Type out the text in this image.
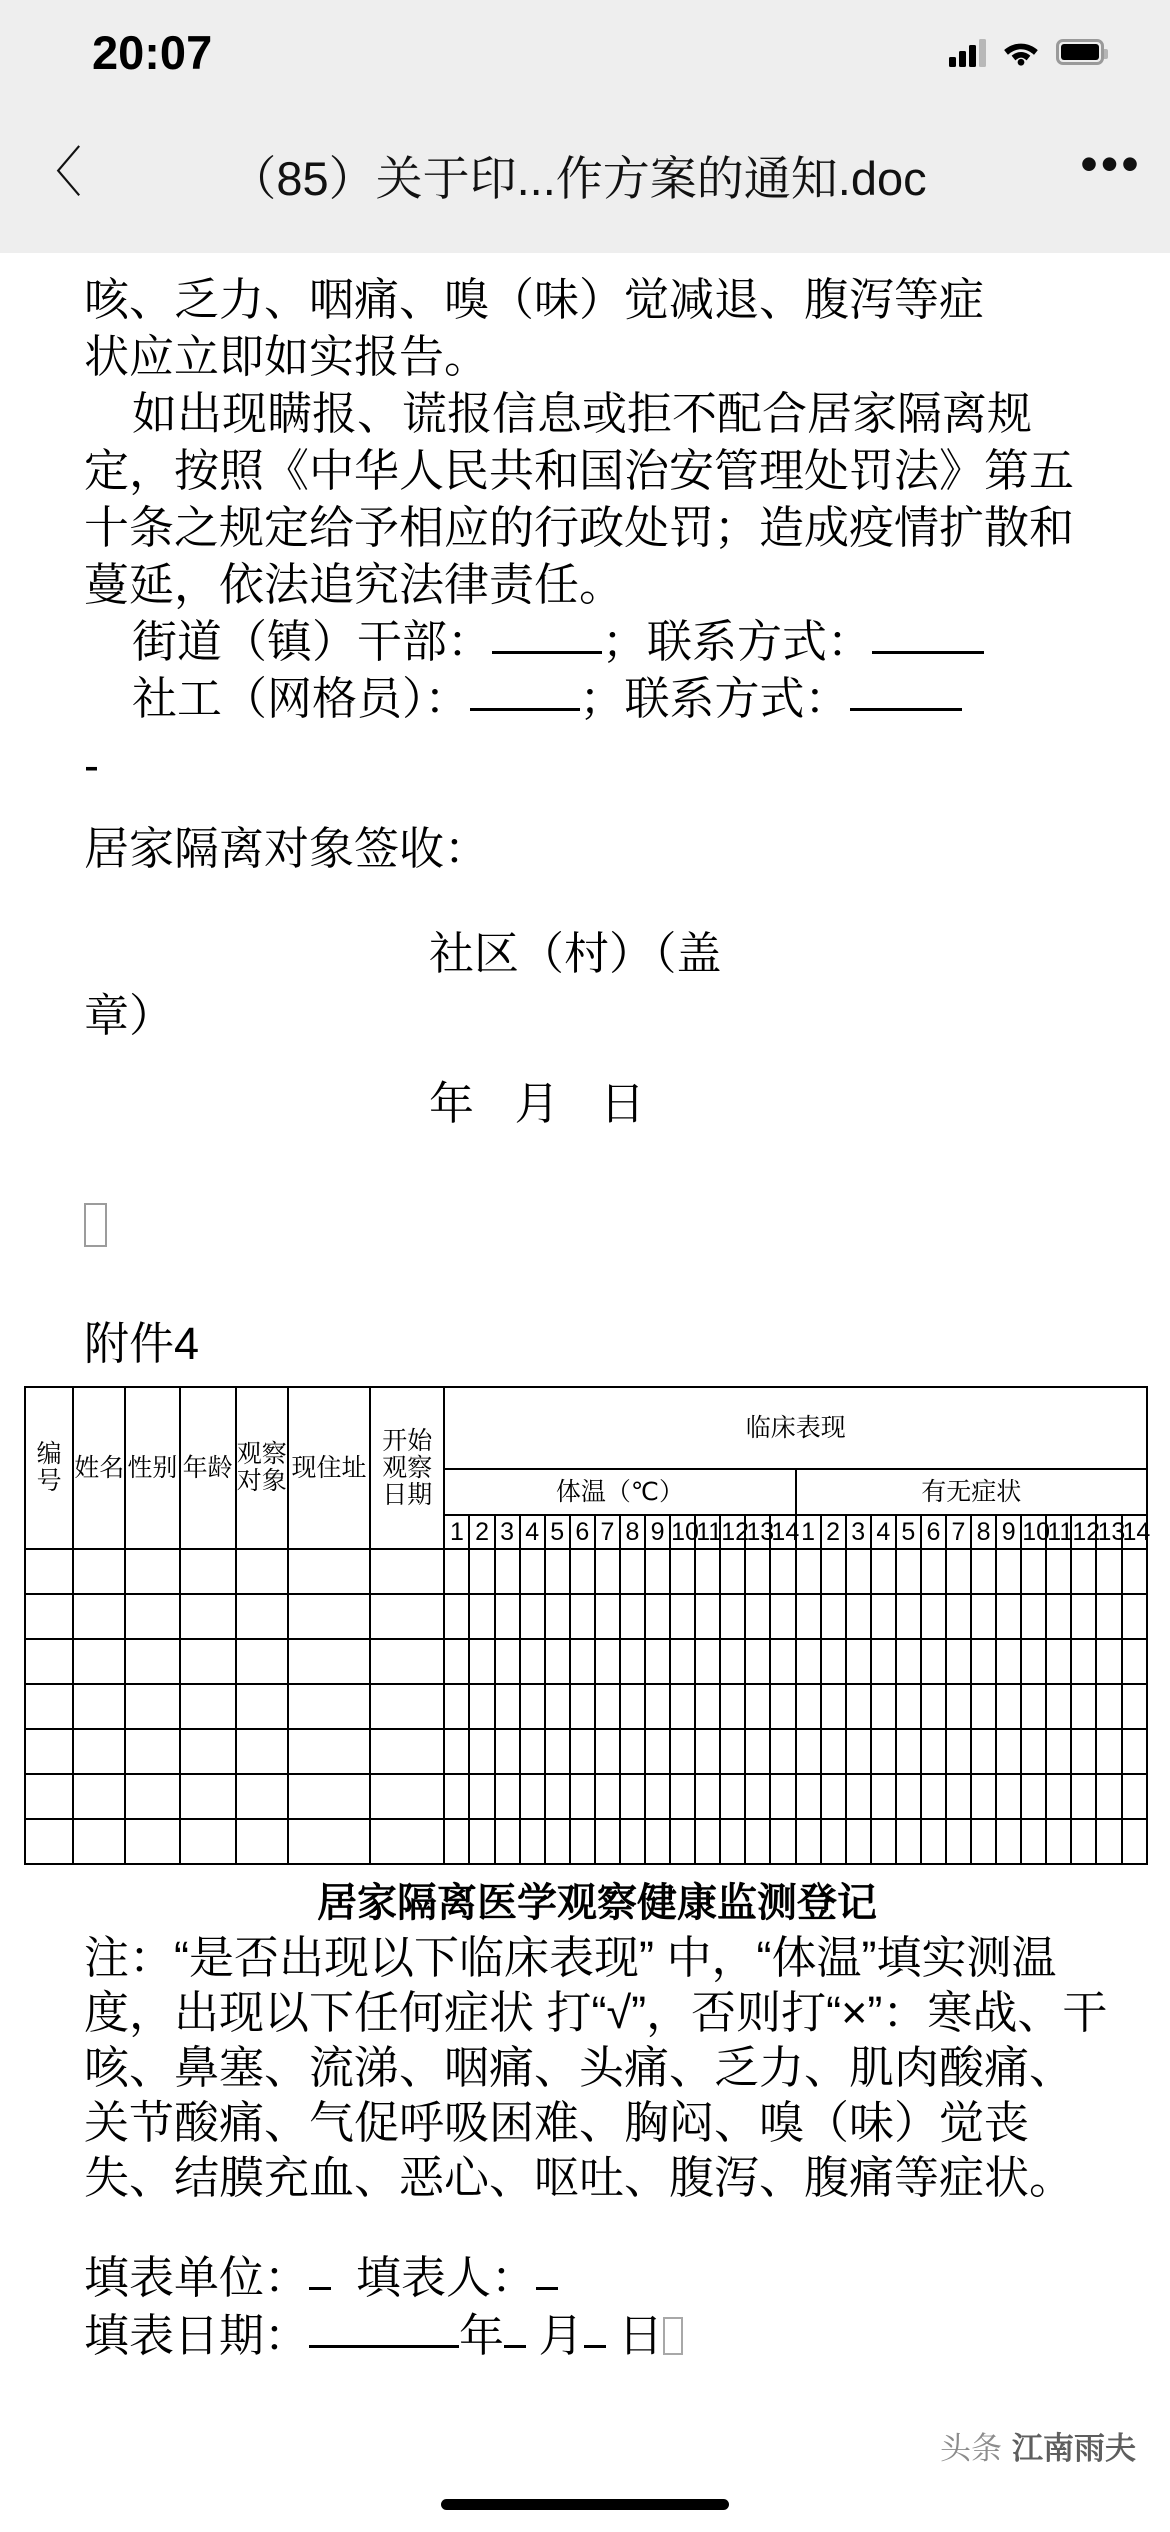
20:07
〈	（85）关于印...作方案的通知.doc	•••

咳、乏力、咽痛、嗅（味）觉减退、腹泻等症

状应立即如实报告。

如出现瞒报、谎报信息或拒不配合居家隔离规定，按照《中华人民共和国治安管理处罚法》第五十条之规定给予相应的行政处罚；造成疫情扩散和蔓延，依法追究法律责任。

街道（镇）干部： ；联系方式：

社工（网格员）： ；联系方式：

-

居家隔离对象签收：

社区（村）（盖

章）

年 月 日

附件4

编号	姓名	性别	年龄	观察对象	现住址	开始观察日期	临床表现																											
							体温（℃）														有无症状													
							1	2	3	4	5	6	7	8	9	10	11	12	13	14	1	2	3	4	5	6	7	8	9	10	11	12	13	14

居家隔离医学观察健康监测登记

注：“是否出现以下临床表现” 中，“体温”填实测温度，出现以下任何症状 打“√”，否则打“×”：寒战、干咳、鼻塞、流涕、咽痛、头痛、乏力、肌肉酸痛、关节酸痛、气促呼吸困难、胸闷、嗅（味）觉丧失、结膜充血、恶心、呕吐、腹泻、腹痛等症状。

填表单位： 填表人：

填表日期：	年 月 日

头条 江南雨夫
